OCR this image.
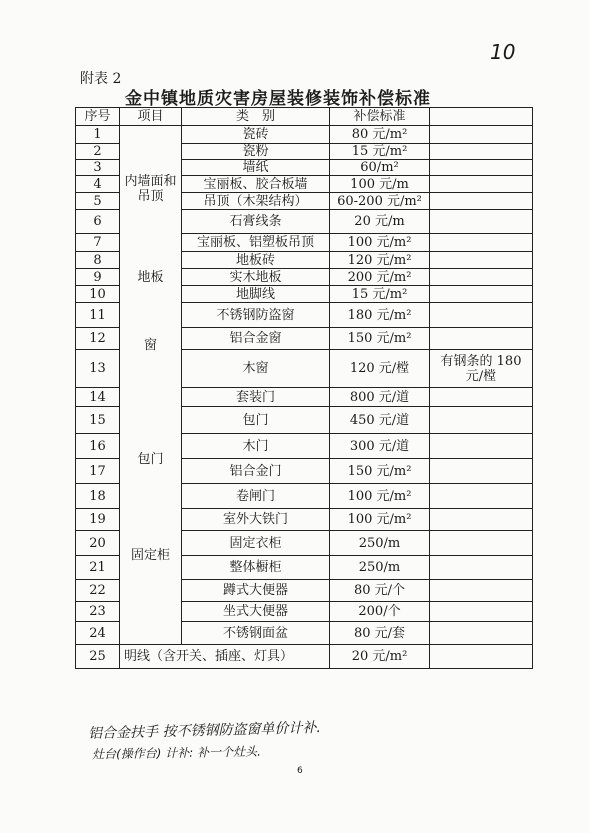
10
附表 2
金中镇地质灾害房屋装修装饰补偿标准
序号	项目	类　别	补偿标准	
1	内墙面和吊顶	瓷砖	80 元/m²	
2		瓷粉	15 元/m²	
3		墙纸	60/m²	
4		宝丽板、胶合板墙	100 元/m	
5		吊顶（木架结构）	60-200 元/m²	
6		石膏线条	20 元/m	
7		宝丽板、铝塑板吊顶	100 元/m²	
8	地板	地板砖	120 元/m²	
9		实木地板	200 元/m²	
10		地脚线	15 元/m²	
11	窗	不锈钢防盗窗	180 元/m²	
12		铝合金窗	150 元/m²	
13		木窗	120 元/樘	有钢条的 180 元/樘
14	包门	套装门	800 元/道	
15		包门	450 元/道	
16		木门	300 元/道	
17		铝合金门	150 元/m²	
18		卷闸门	100 元/m²	
19		室外大铁门	100 元/m²	
20	固定柜	固定衣柜	250/m	
21		整体橱柜	250/m	
22		蹲式大便器	80 元/个	
23		坐式大便器	200/个	
24		不锈钢面盆	80 元/套	
25	明线（含开关、插座、灯具）		20 元/m²	
铝合金扶手 按不锈钢防盗窗单价计补.
灶台(操作台) 计补: 补一个灶头.
6
